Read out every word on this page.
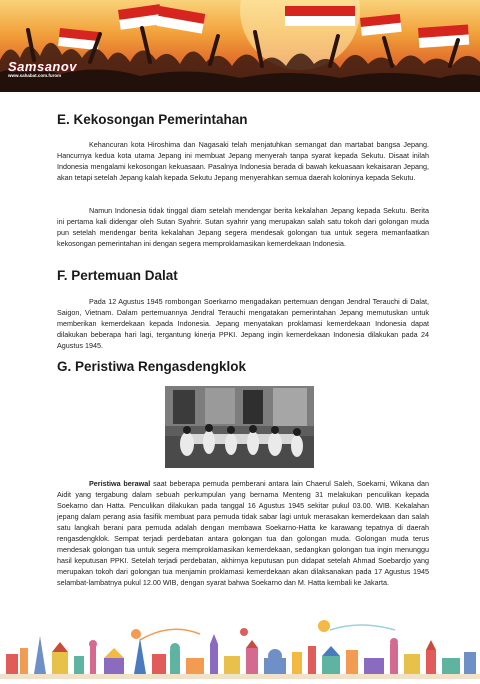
Samsanov
www.sahabat.com.furom
E. Kekosongan Pemerintahan

Kehancuran kota Hiroshima dan Nagasaki telah menjatuhkan semangat dan martabat bangsa Jepang. Hancurnya kedua kota utama Jepang ini membuat Jepang menyerah tanpa syarat kepada Sekutu. Disaat inilah Indonesia mengalami kekosongan kekuasaan. Pasalnya Indonesia berada di bawah kekuasaan kekaisaran Jepang, akan tetapi setelah Jepang kalah kepada Sekutu Jepang menyerahkan semua daerah koloninya kepada Sekutu.

Namun Indonesia tidak tinggal diam setelah mendengar berita kekalahan Jepang kepada Sekutu. Berita ini pertama kali didengar oleh Sutan Syahrir. Sutan syahrir yang merupakan salah satu tokoh dari golongan muda pun setelah mendengar berita kekalahan Jepang segera mendesak golongan tua untuk segera memanfaatkan kekosongan pemerintahan ini dengan segera memproklamasikan kemerdekaan Indonesia.

F. Pertemuan Dalat

Pada 12 Agustus 1945 rombongan Soerkarno mengadakan pertemuan dengan Jendral Terauchi di Dalat, Saigon, Vietnam. Dalam pertemuannya Jendral Terauchi mengatakan pemerintahan Jepang memutuskan untuk memberikan kemerdekaan kepada Indonesia. Jepang menyatakan proklamasi kemerdekaan Indonesia dapat dilakukan beberapa hari lagi, tergantung kinerja PPKI. Jepang ingin kemerdekaan Indonesia dilakukan pada 24 Agustus 1945.

G. Peristiwa Rengasdengklok

Peristiwa berawal saat beberapa pemuda pemberani antara lain Chaerul Saleh, Soekarni, Wikana dan Aidit yang tergabung dalam sebuah perkumpulan yang bernama Menteng 31 melakukan penculikan kepada Soekarno dan Hatta. Penculikan dilakukan pada tanggal 16 Agustus 1945 sekitar pukul 03.00. WIB. Kekalahan jepang dalam perang asia fasifik membuat para pemuda tidak sabar lagi untuk merasakan kemerdekaan dan salah satu langkah berani para pemuda adalah dengan membawa Soekarno-Hatta ke karawang tepatnya di daerah rengasdengklok. Sempat terjadi perdebatan antara golongan tua dan golongan muda. Golongan muda terus mendesak golongan tua untuk segera memproklamasikan kemerdekaan, sedangkan golongan tua ingin menunggu hasil keputusan PPKI. Setelah terjadi perdebatan, akhirnya keputusan pun didapat setelah Ahmad Soebardjo yang merupakan tokoh dari golongan tua menjamin proklamasi kemerdekaan akan dilaksanakan pada 17 Agustus 1945 selambat-lambatnya pukul 12.00 WIB, dengan syarat bahwa Soekarno dan M. Hatta kembali ke Jakarta.
